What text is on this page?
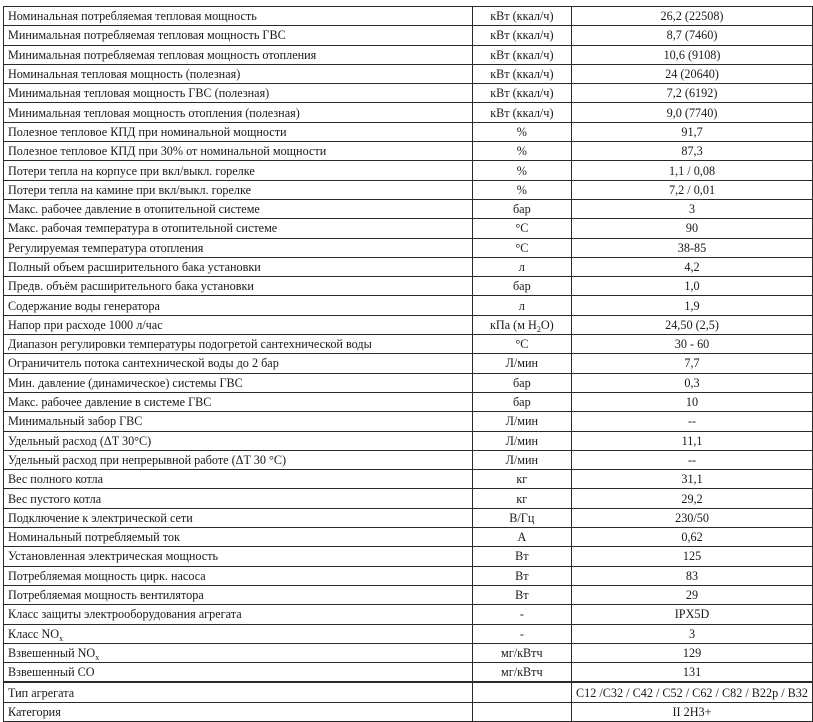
Номинальная потребляемая тепловая мощность	кВт (ккал/ч)	26,2 (22508)
Минимальная потребляемая тепловая мощность ГВС	кВт (ккал/ч)	8,7 (7460)
Минимальная потребляемая тепловая мощность отопления	кВт (ккал/ч)	10,6 (9108)
Номинальная тепловая мощность (полезная)	кВт (ккал/ч)	24 (20640)
Минимальная тепловая мощность ГВС (полезная)	кВт (ккал/ч)	7,2 (6192)
Минимальная тепловая мощность отопления (полезная)	кВт (ккал/ч)	9,0 (7740)
Полезное тепловое КПД при номинальной мощности	%	91,7
Полезное тепловое КПД при 30% от номинальной мощности	%	87,3
Потери тепла на корпусе при вкл/выкл. горелке	%	1,1 / 0,08
Потери тепла на камине при вкл/выкл. горелке	%	7,2 / 0,01
Макс. рабочее давление в отопительной системе	бар	3
Макс. рабочая температура в отопительной системе	°С	90
Регулируемая температура отопления	°С	38-85
Полный объем расширительного бака установки	л	4,2
Предв. объём расширительного бака установки	бар	1,0
Содержание воды генератора	л	1,9
Напор при расходе 1000 л/час	кПа (м $H_2O$)	24,50 (2,5)
Диапазон регулировки температуры подогретой сантехнической воды	°С	30 - 60
Ограничитель потока сантехнической воды до 2 бар	Л/мин	7,7
Мин. давление (динамическое) системы ГВС	бар	0,3
Макс. рабочее давление в системе ГВС	бар	10
Минимальный забор ГВС	Л/мин	--
Удельный расход (ΔT 30°C)	Л/мин	11,1
Удельный расход при непрерывной работе (ΔT 30 °C)	Л/мин	--
Вес полного котла	кг	31,1
Вес пустого котла	кг	29,2
Подключение к электрической сети	В/Гц	230/50
Номинальный потребляемый ток	А	0,62
Установленная электрическая мощность	Вт	125
Потребляемая мощность цирк. насоса	Вт	83
Потребляемая мощность вентилятора	Вт	29
Класс защиты электрооборудования агрегата	-	IPX5D
Класс $NO_x$	-	3
Взвешенный $NO_x$	мг/кВтч	129
Взвешенный CO	мг/кВтч	131
Тип агрегата		C12 /C32 / C42 / C52 / C62 / C82 / B22p / B32
Категория		II 2H3+
